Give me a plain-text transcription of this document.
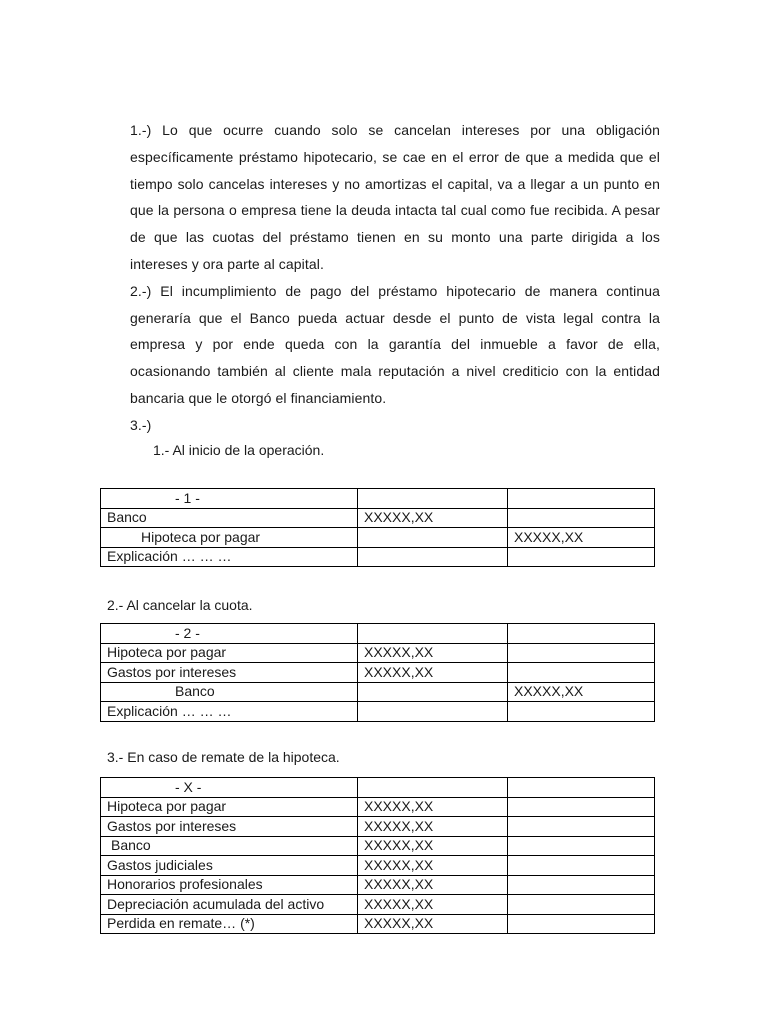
1.-) Lo que ocurre cuando solo se cancelan intereses por una obligación específicamente préstamo hipotecario, se cae en el error de que a medida que el tiempo solo cancelas intereses y no amortizas el capital, va a llegar a un punto en que la persona o empresa tiene la deuda intacta tal cual como fue recibida. A pesar de que las cuotas del préstamo tienen en su monto una parte dirigida a los intereses y ora parte al capital.

2.-) El incumplimiento de pago del préstamo hipotecario de manera continua generaría que el Banco pueda actuar desde el punto de vista legal contra la empresa y por ende queda con la garantía del inmueble a favor de ella, ocasionando también al cliente mala reputación a nivel crediticio con la entidad bancaria que le otorgó el financiamiento.

3.-)

1.- Al inicio de la operación.
- 1 -		
Banco	XXXXX,XX	
Hipoteca por pagar		XXXXX,XX
Explicación … … …		
2.- Al cancelar la cuota.
- 2 -		
Hipoteca por pagar	XXXXX,XX	
Gastos por intereses	XXXXX,XX	
Banco		XXXXX,XX
Explicación … … …		
3.- En caso de remate de la hipoteca.
- X -		
Hipoteca por pagar	XXXXX,XX	
Gastos por intereses	XXXXX,XX	
Banco	XXXXX,XX	
Gastos judiciales	XXXXX,XX	
Honorarios profesionales	XXXXX,XX	
Depreciación acumulada del activo	XXXXX,XX	
Perdida en remate… (*)	XXXXX,XX	
